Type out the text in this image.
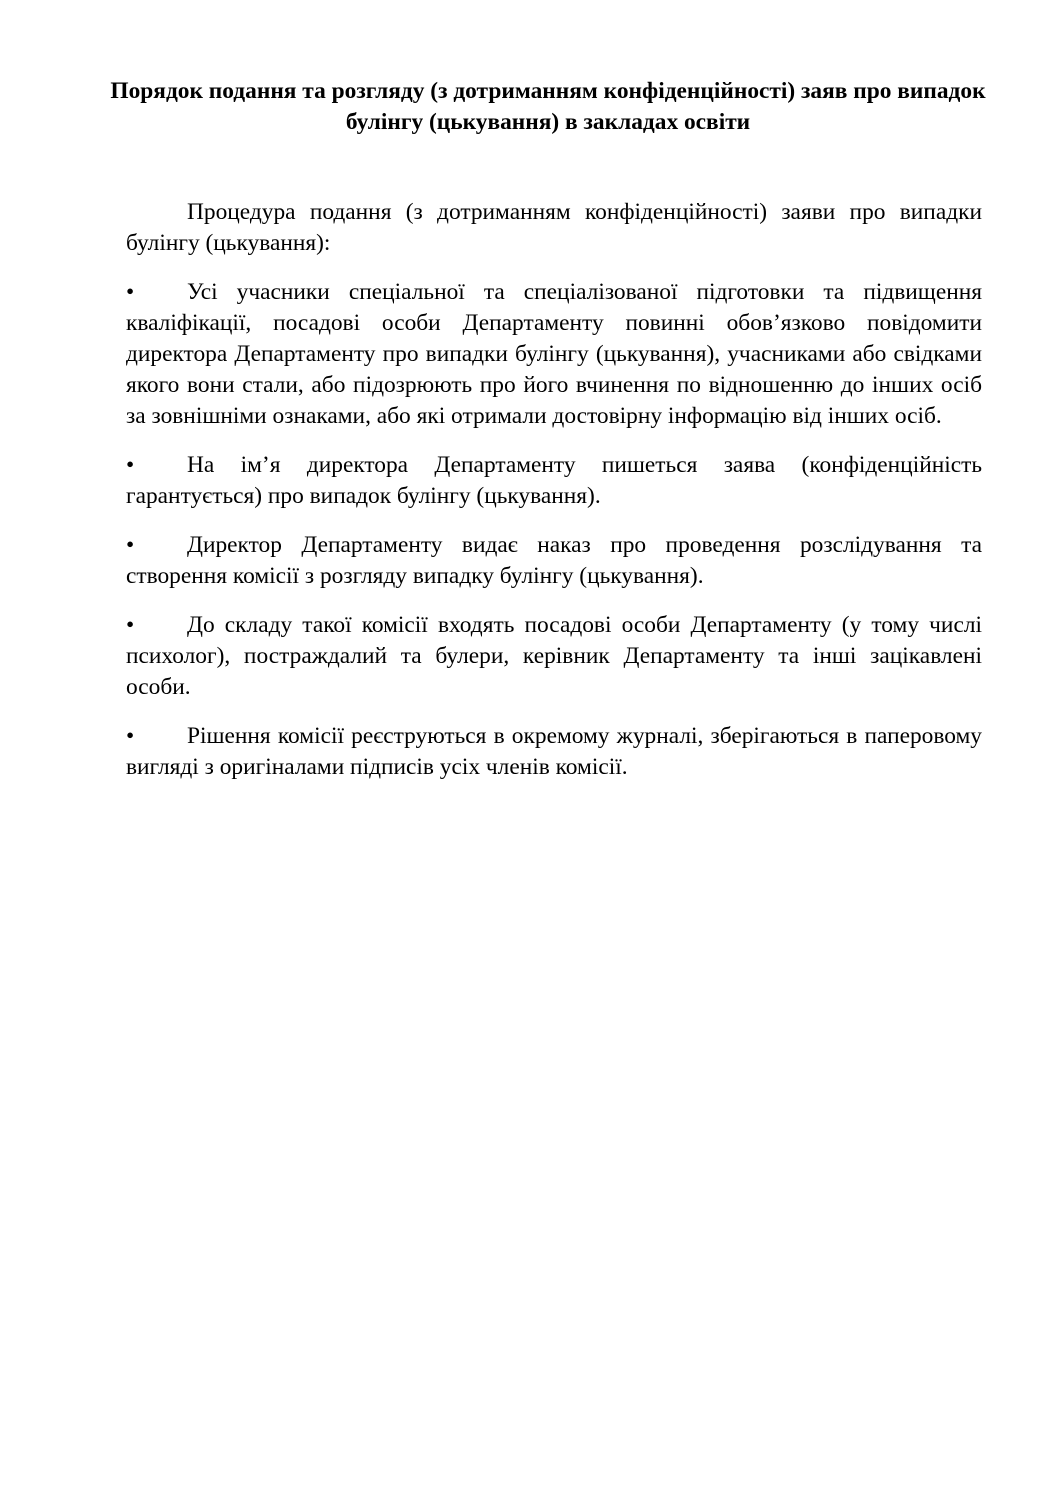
Порядок подання та розгляду (з дотриманням конфіденційності) заяв про випадок булінгу (цькування) в закладах освіти

Процедура подання (з дотриманням конфіденційності) заяви про випадки булінгу (цькування):

•	Усі учасники спеціальної та спеціалізованої підготовки та підвищення кваліфікації, посадові особи Департаменту повинні обов’язково повідомити директора Департаменту про випадки булінгу (цькування), учасниками або свідками якого вони стали, або підозрюють про його вчинення по відношенню до інших осіб за зовнішніми ознаками, або які отримали достовірну інформацію від інших осіб.

•	На ім’я директора Департаменту пишеться заява (конфіденційність гарантується) про випадок булінгу (цькування).

•	Директор Департаменту видає наказ про проведення розслідування та створення комісії з розгляду випадку булінгу (цькування).

•	До складу такої комісії входять посадові особи Департаменту (у тому числі психолог), постраждалий та булери, керівник Департаменту та інші зацікавлені особи.

•	Рішення комісії реєструються в окремому журналі, зберігаються в паперовому вигляді з оригіналами підписів усіх членів комісії.
